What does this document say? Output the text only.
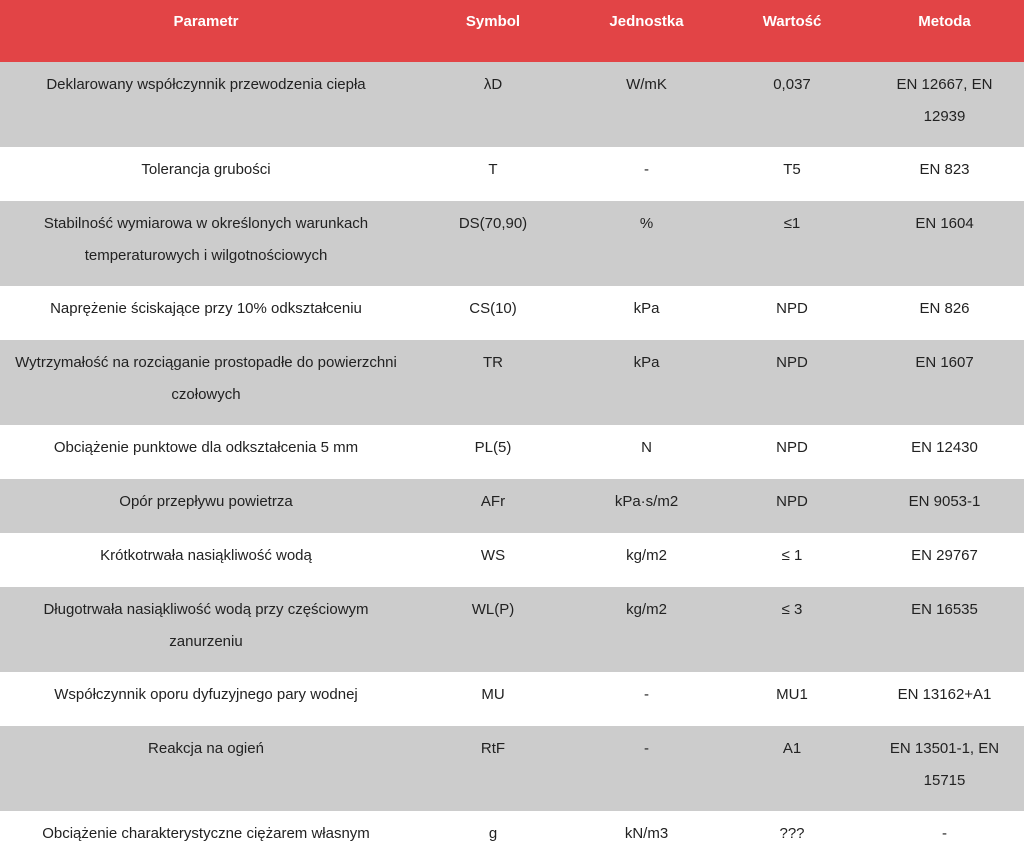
Parametr	Symbol	Jednostka	Wartość	Metoda

Deklarowany współczynnik przewodzenia ciepła	λD	W/mK	0,037	EN 12667, EN 12939

Tolerancja grubości	T	-	T5	EN 823

Stabilność wymiarowa w określonych warunkach temperaturowych i wilgotnościowych	DS(70,90)	%	≤1	EN 1604

Naprężenie ściskające przy 10% odkształceniu	CS(10)	kPa	NPD	EN 826

Wytrzymałość na rozciąganie prostopadłe do powierzchni czołowych	TR	kPa	NPD	EN 1607

Obciążenie punktowe dla odkształcenia 5 mm	PL(5)	N	NPD	EN 12430

Opór przepływu powietrza	AFr	kPa·s/m2	NPD	EN 9053-1

Krótkotrwała nasiąkliwość wodą	WS	kg/m2	≤ 1	EN 29767

Długotrwała nasiąkliwość wodą przy częściowym zanurzeniu	WL(P)	kg/m2	≤ 3	EN 16535

Współczynnik oporu dyfuzyjnego pary wodnej	MU	-	MU1	EN 13162+A1

Reakcja na ogień	RtF	-	A1	EN 13501-1, EN 15715

Obciążenie charakterystyczne ciężarem własnym	g	kN/m3	???	-
